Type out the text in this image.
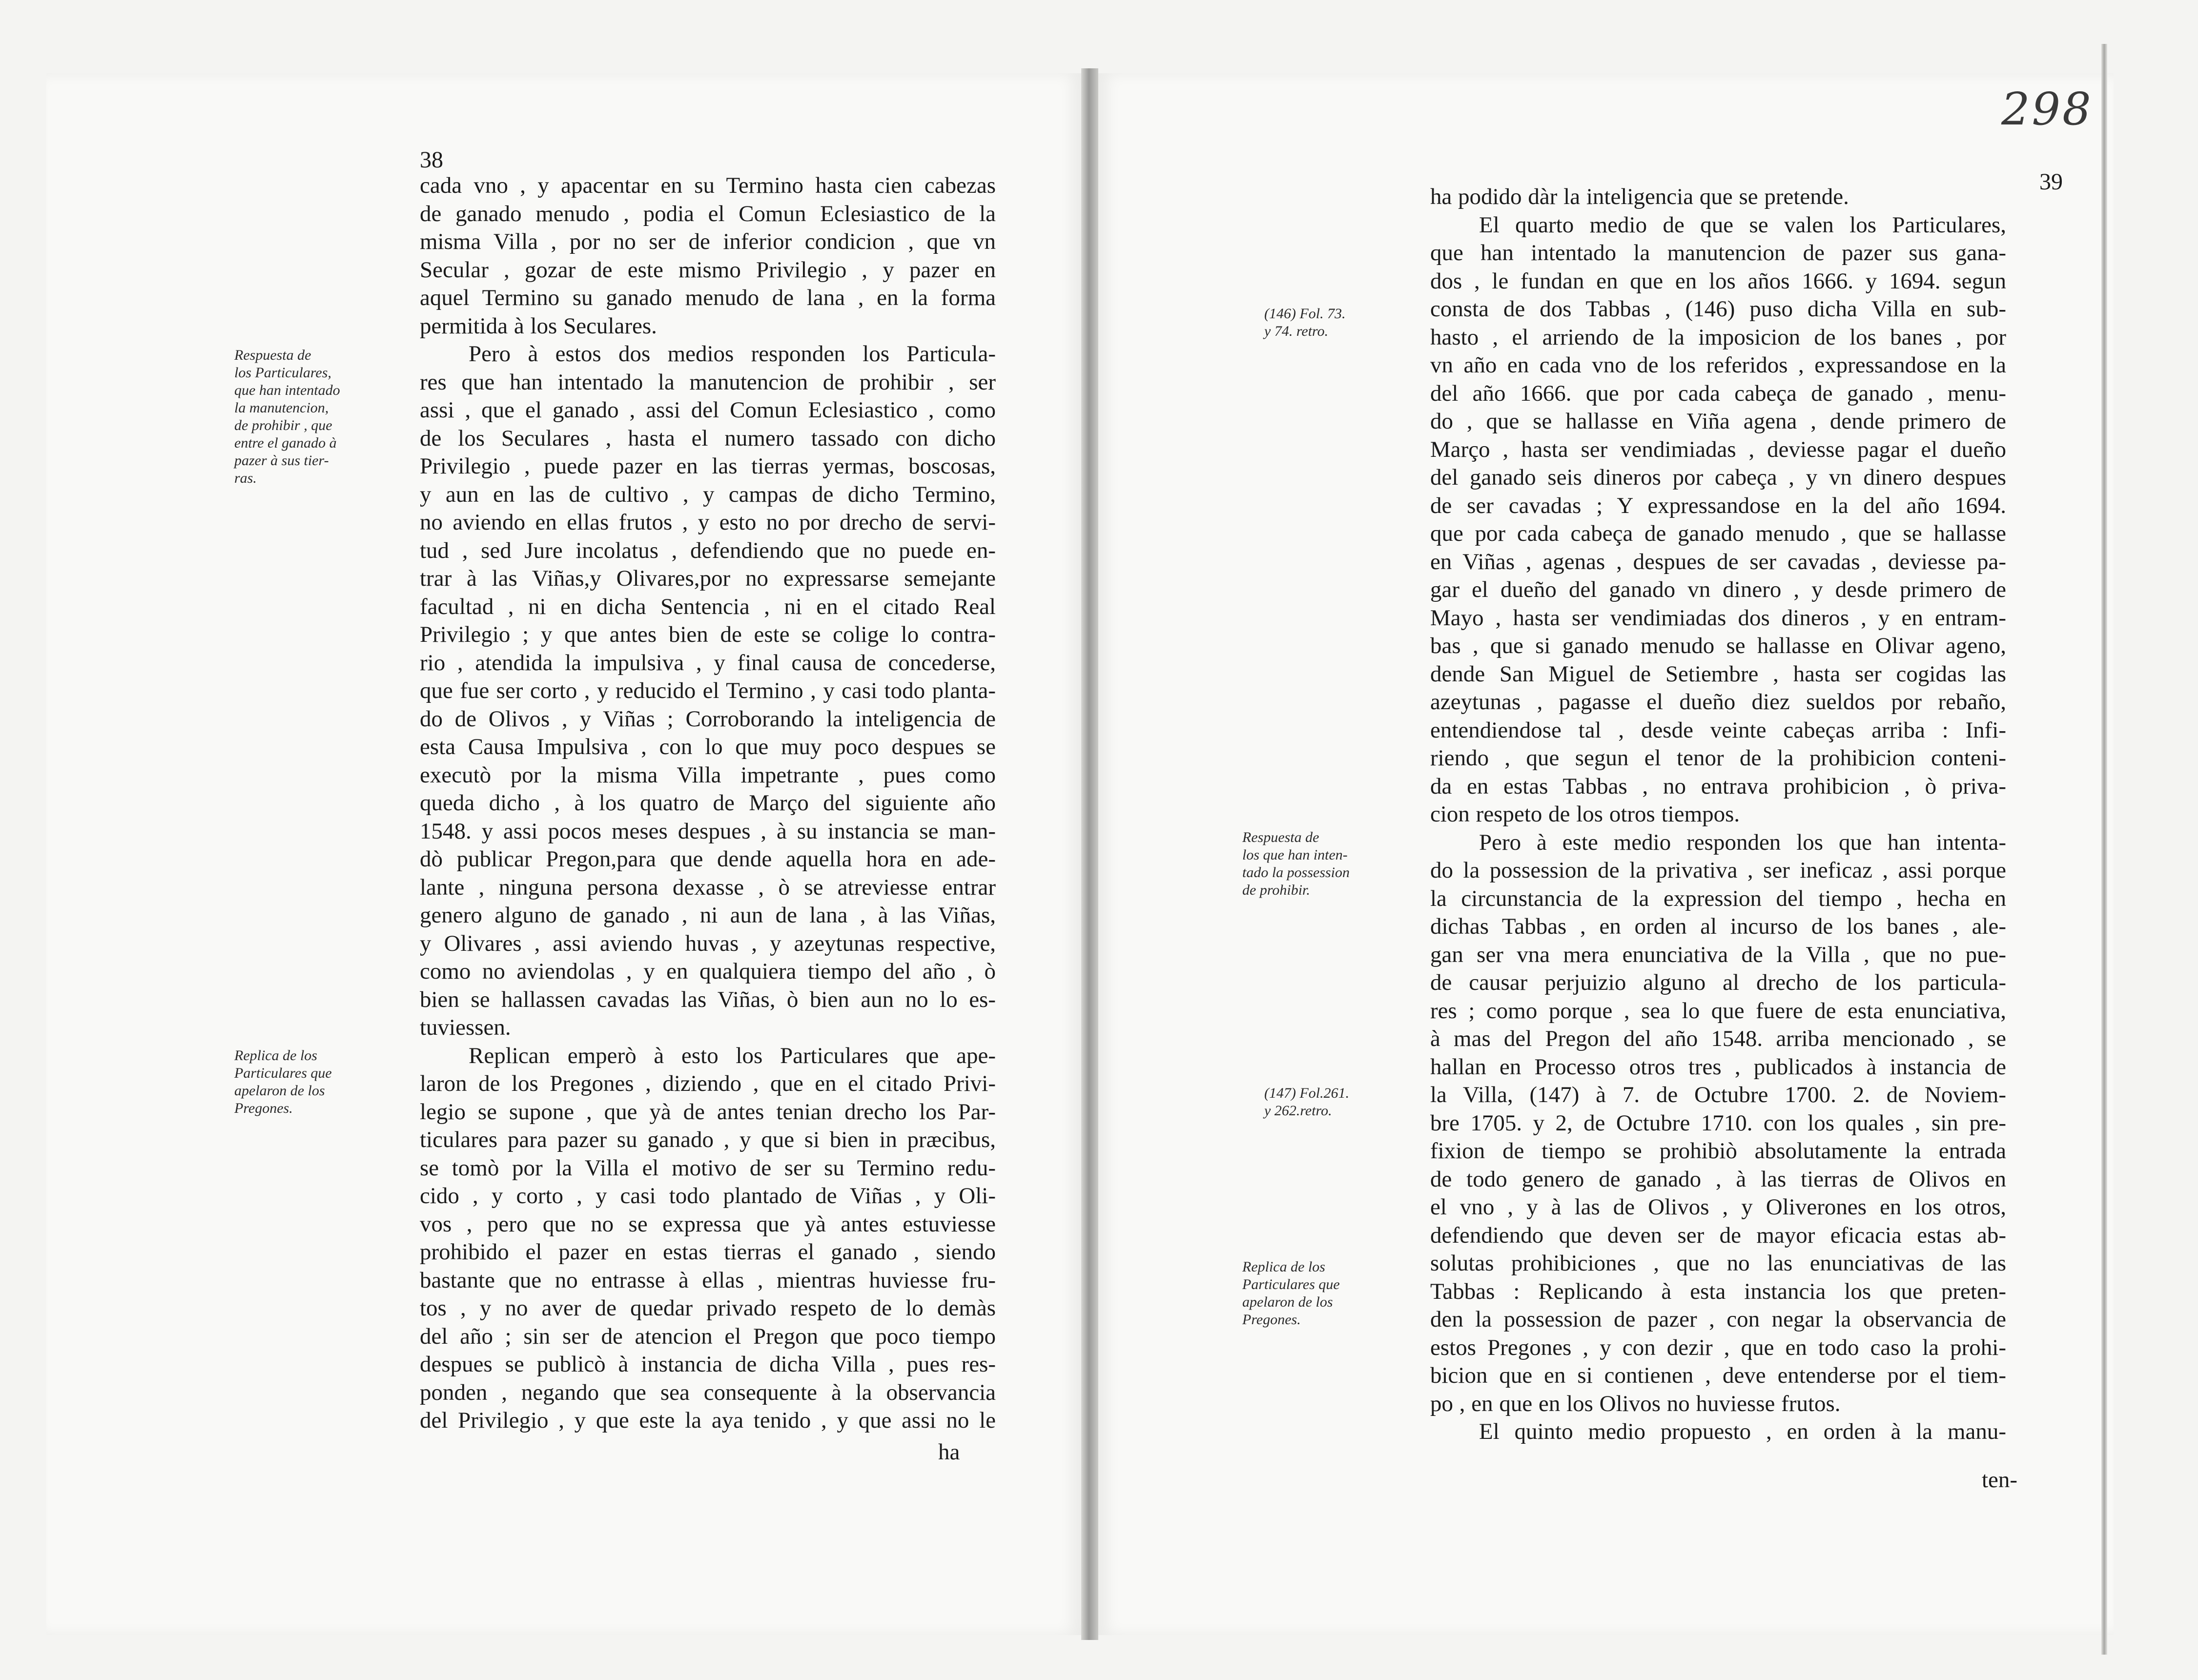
38
cada vno , y apacentar en su Termino hasta cien cabezas
de ganado menudo , podia el Comun Eclesiastico de la
misma Villa , por no ser de inferior condicion , que vn
Secular , gozar de este mismo Privilegio , y pazer en
aquel Termino su ganado menudo de lana , en la forma
permitida à los Seculares.
Pero à estos dos medios responden los Particula-
res que han intentado la manutencion de prohibir , ser
assi , que el ganado , assi del Comun Eclesiastico , como
de los Seculares , hasta el numero tassado con dicho
Privilegio , puede pazer en las tierras yermas, boscosas,
y aun en las de cultivo , y campas de dicho Termino,
no aviendo en ellas frutos , y esto no por drecho de servi-
tud , sed Jure incolatus , defendiendo que no puede en-
trar à las Viñas,y Olivares,por no expressarse semejante
facultad , ni en dicha Sentencia , ni en el citado Real
Privilegio ; y que antes bien de este se colige lo contra-
rio , atendida la impulsiva , y final causa de concederse,
que fue ser corto , y reducido el Termino , y casi todo planta-
do de Olivos , y Viñas ; Corroborando la inteligencia de
esta Causa Impulsiva , con lo que muy poco despues se
executò por la misma Villa impetrante , pues como
queda dicho , à los quatro de Março del siguiente año
1548. y assi pocos meses despues , à su instancia se man-
dò publicar Pregon,para que dende aquella hora en ade-
lante , ninguna persona dexasse , ò se atreviesse entrar
genero alguno de ganado , ni aun de lana , à las Viñas,
y Olivares , assi aviendo huvas , y azeytunas respective,
como no aviendolas , y en qualquiera tiempo del año , ò
bien se hallassen cavadas las Viñas, ò bien aun no lo es-
tuviessen.
Replican emperò à esto los Particulares que ape-
laron de los Pregones , diziendo , que en el citado Privi-
legio se supone , que yà de antes tenian drecho los Par-
ticulares para pazer su ganado , y que si bien in præcibus,
se tomò por la Villa el motivo de ser su Termino redu-
cido , y corto , y casi todo plantado de Viñas , y Oli-
vos , pero que no se expressa que yà antes estuviesse
prohibido el pazer en estas tierras el ganado , siendo
bastante que no entrasse à ellas , mientras huviesse fru-
tos , y no aver de quedar privado respeto de lo demàs
del año ; sin ser de atencion el Pregon que poco tiempo
despues se publicò à instancia de dicha Villa , pues res-
ponden , negando que sea consequente à la observancia
del Privilegio , y que este la aya tenido , y que assi no le
ha
Respuesta de
los Particulares,
que han intentado
la manutencion,
de prohibir , que
entre el ganado à
pazer à sus tier-
ras.
Replica de los
Particulares que
apelaron de los
Pregones.
298
39
ha podido dàr la inteligencia que se pretende.
El quarto medio de que se valen los Particulares,
que han intentado la manutencion de pazer sus gana-
dos , le fundan en que en los años 1666. y 1694. segun
consta de dos Tabbas , (146) puso dicha Villa en sub-
hasto , el arriendo de la imposicion de los banes , por
vn año en cada vno de los referidos , expressandose en la
del año 1666. que por cada cabeça de ganado , menu-
do , que se hallasse en Viña agena , dende primero de
Março , hasta ser vendimiadas , deviesse pagar el dueño
del ganado seis dineros por cabeça , y vn dinero despues
de ser cavadas ; Y expressandose en la del año 1694.
que por cada cabeça de ganado menudo , que se hallasse
en Viñas , agenas , despues de ser cavadas , deviesse pa-
gar el dueño del ganado vn dinero , y desde primero de
Mayo , hasta ser vendimiadas dos dineros , y en entram-
bas , que si ganado menudo se hallasse en Olivar ageno,
dende San Miguel de Setiembre , hasta ser cogidas las
azeytunas , pagasse el dueño diez sueldos por rebaño,
entendiendose tal , desde veinte cabeças arriba : Infi-
riendo , que segun el tenor de la prohibicion conteni-
da en estas Tabbas , no entrava prohibicion , ò priva-
cion respeto de los otros tiempos.
Pero à este medio responden los que han intenta-
do la possession de la privativa , ser ineficaz , assi porque
la circunstancia de la expression del tiempo , hecha en
dichas Tabbas , en orden al incurso de los banes , ale-
gan ser vna mera enunciativa de la Villa , que no pue-
de causar perjuizio alguno al drecho de los particula-
res ; como porque , sea lo que fuere de esta enunciativa,
à mas del Pregon del año 1548. arriba mencionado , se
hallan en Processo otros tres , publicados à instancia de
la Villa, (147) à 7. de Octubre 1700. 2. de Noviem-
bre 1705. y 2, de Octubre 1710. con los quales , sin pre-
fixion de tiempo se prohibiò absolutamente la entrada
de todo genero de ganado , à las tierras de Olivos en
el vno , y à las de Olivos , y Oliverones en los otros,
defendiendo que deven ser de mayor eficacia estas ab-
solutas prohibiciones , que no las enunciativas de las
Tabbas : Replicando à esta instancia los que preten-
den la possession de pazer , con negar la observancia de
estos Pregones , y con dezir , que en todo caso la prohi-
bicion que en si contienen , deve entenderse por el tiem-
po , en que en los Olivos no huviesse frutos.
El quinto medio propuesto , en orden à la manu-
ten-
(146) Fol. 73.
y 74. retro.
Respuesta de
los que han inten-
tado la possession
de prohibir.
(147) Fol.261.
y 262.retro.
Replica de los
Particulares que
apelaron de los
Pregones.
